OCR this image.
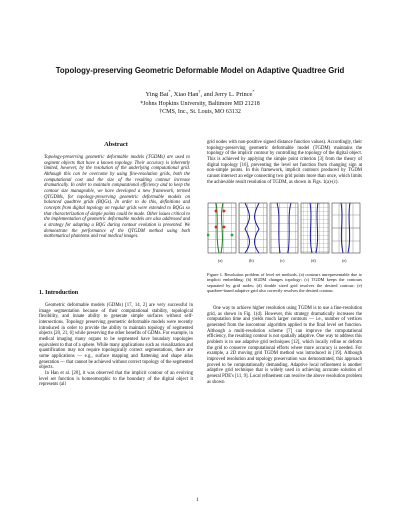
Topology-preserving Geometric Deformable Model on Adaptive Quadtree Grid
Ying Bai*, Xiao Han†, and Jerry L. Prince*
*Johns Hopkins University, Baltimore MD 21218
†CMS, Inc., St. Louis, MO 63132
Abstract
Topology-preserving geometric deformable models (TGDMs) are used to segment objects that have a known topology. Their accuracy is inherently limited, however, by the resolution of the underlying computational grid. Although this can be overcome by using fine-resolution grids, both the computational cost and the size of the resulting contour increase dramatically. In order to maintain computational efficiency and to keep the contour size manageable, we have developed a new framework, termed QTGDMs, for topology-preserving geometric deformable models on balanced quadtree grids (BQGs). In order to do this, definitions and concepts from digital topology on regular grids were extended to BQGs so that characterization of simple points could be made. Other issues critical to the implementation of geometric deformable models are also addressed and a strategy for adapting a BQG during contour evolution is presented. We demonstrate the performance of the QTGDM method using both mathematical phantoms and real medical images.
1. Introduction

Geometric deformable models (GDMs) [17, 14, 2] are very successful in image segmentation because of their computational stability, topological flexibility, and innate ability to generate simple surfaces without self-intersections. Topology preserving geometric deformable models were recently introduced in order to provide the ability to maintain topology of segmented objects [20, 21, 6] while preserving the other benefits of GDMs. For example, in medical imaging many organs to be segmented have boundary topologies equivalent to that of a sphere. While many applications such as visualization and quantification may not require topologically correct segmentations, there are some applications — e.g., surface mapping and flattening and shape atlas generation — that cannot be achieved without correct topology of the segmented objects.

In Han et al. [20], it was observed that the implicit contour of an evolving level set function is homeomorphic to the boundary of the digital object it represents (all

grid nodes with non-positive signed distance function values). Accordingly, their topology-preserving geometric deformable model (TGDM) maintains the topology of the implicit contour by controlling the topology of the digital object. This is achieved by applying the simple point criterion [3] from the theory of digital topology [16], preventing the level set function from changing sign at non-simple points. In this framework, implicit contours produced by TGDM cannot intersect an edge connecting two grid points more than once, which limits the achievable result resolution of TGDM, as shown in Figs. 1(a)-(c).
(a)	(b)	(c)	(d)	(e)
Figure 1. Resolution problem of level set methods. (a) contours unrepresentable due to implicit embedding; (b) SGDM changes topology; (c) TGDM keeps the contours separated by grid nodes; (d) double sized grid resolves the desired contour; (e) quadtree-based adaptive grid also correctly resolves the desired contour.

One way to achieve higher resolution using TGDM is to use a fine-resolution grid, as shown in Fig. 1(d). However, this strategy dramatically increases the computation time and yields much larger contours — i.e., number of vertices generated from the isocontour algorithm applied to the final level set function. Although a multi-resolution scheme [7] can improve the computational efficiency, the resulting contour is not spatially adaptive. One way to address this problem is to use adaptive grid techniques [12], which locally refine or deform the grid to conserve computational efforts where more accuracy is needed. For example, a 2D moving grid TGDM method was introduced in [19]. Although improved resolution and topology preservation was demonstrated, this approach proved to be computationally demanding. Adaptive local refinement is another adaptive grid technique that is widely used in achieving accurate solution of general PDE's [11, 9]. Local refinement can resolve the above resolution problem as shown

1
